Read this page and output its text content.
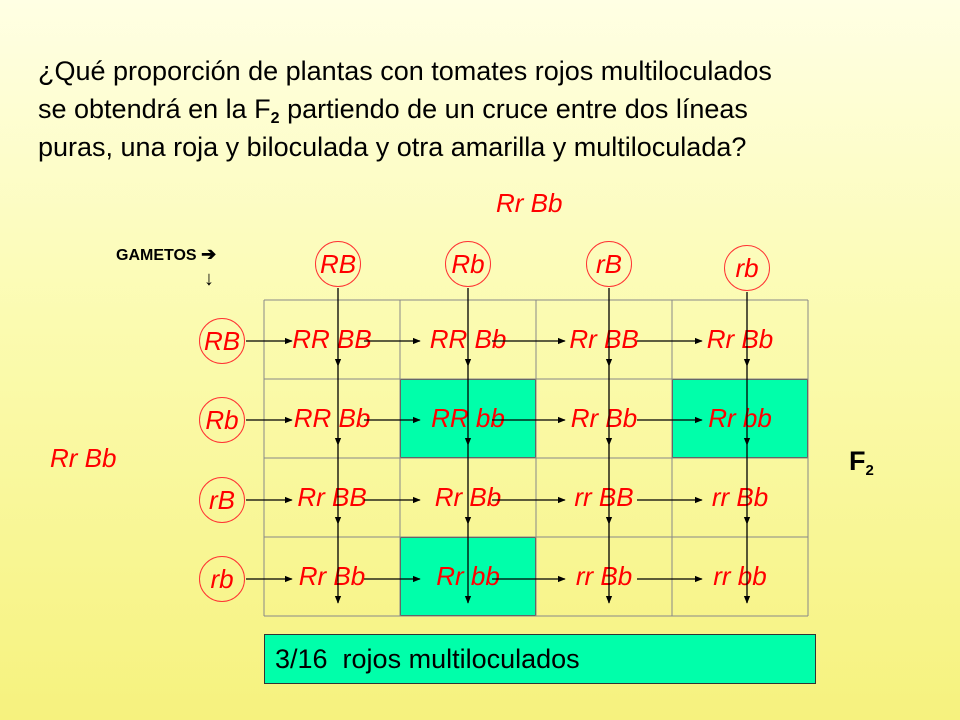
¿Qué proporción de plantas con tomates rojos multiloculados
se obtendrá en la $F_2$ partiendo de un cruce entre dos líneas
puras, una roja y biloculada y otra amarilla y multiloculada?

Rr Bb
Rr Bb
GAMETOS ➔
↓
$F_2$
RR BB	RR Bb	Rr BB	Rr Bb
RR Bb	RR bb	Rr Bb	Rr bb
Rr BB	Rr Bb	rr BB	rr Bb
Rr Bb	Rr bb	rr Bb	rr bb
RB	Rb	rB	rb
RB
Rb
rB
rb
3/16  rojos multiloculados
